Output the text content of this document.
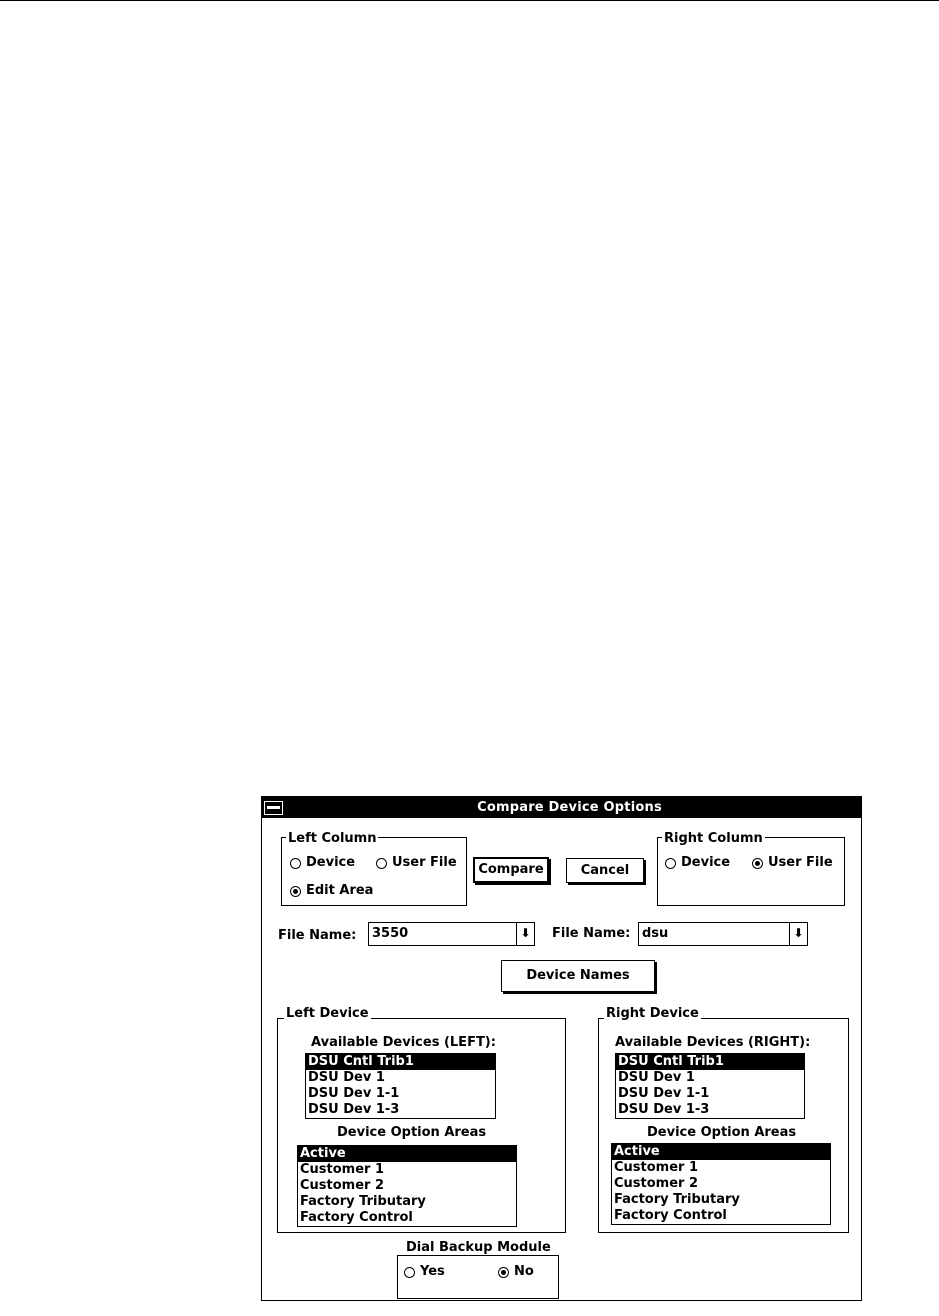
Compare Device Options
Left Column
Device	User File
Edit Area
Compare	Cancel
Right Column
Device	User File
File Name: 3550	⬇ File Name: dsu	⬇
Device Names
Left Device
Available Devices (LEFT):
DSU Cntl Trib1
DSU Dev 1
DSU Dev 1-1
DSU Dev 1-3
Device Option Areas
Active
Customer 1
Customer 2
Factory Tributary
Factory Control
Right Device
Available Devices (RIGHT):
DSU Cntl Trib1
DSU Dev 1
DSU Dev 1-1
DSU Dev 1-3
Device Option Areas
Active
Customer 1
Customer 2
Factory Tributary
Factory Control
Dial Backup Module
Yes	No
